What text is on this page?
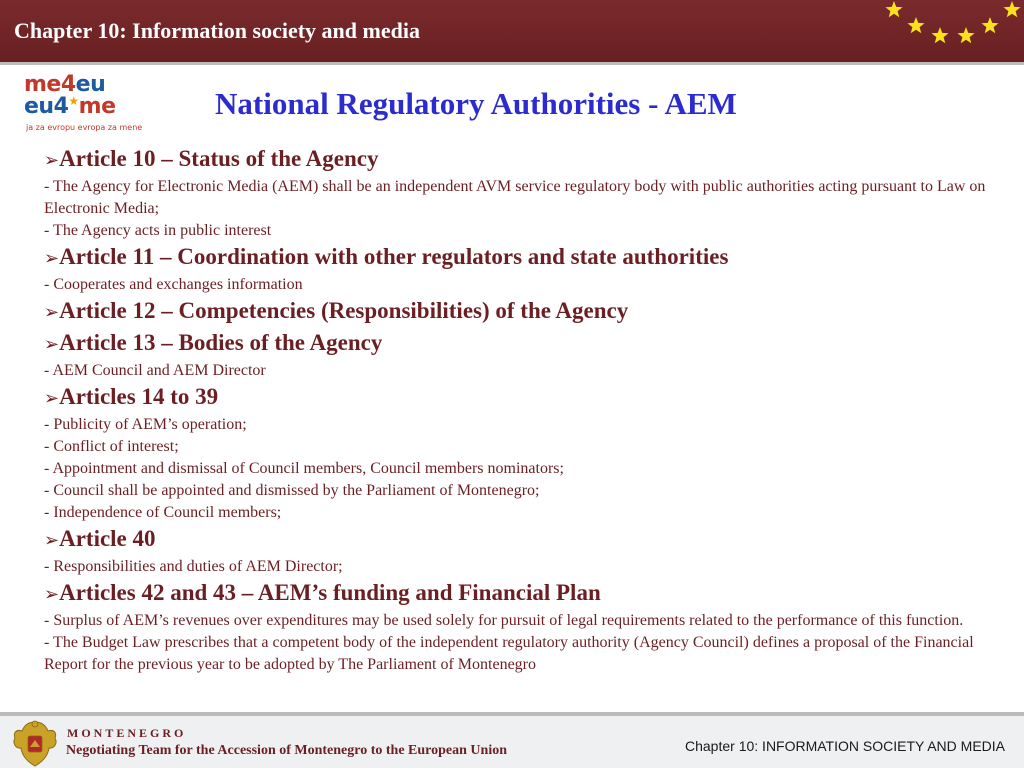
Chapter 10: Information society and media
me4eu
eu4★me
ja za evropu evropa za mene
National Regulatory Authorities - AEM
➢Article 10 – Status of the Agency
- The Agency for Electronic Media (AEM) shall be an independent AVM service regulatory body with public authorities acting pursuant to Law on Electronic Media;
- The Agency acts in public interest
➢Article 11 – Coordination with other regulators and state authorities
- Cooperates and exchanges information
➢Article 12 – Competencies (Responsibilities) of the Agency
➢Article 13 – Bodies of the Agency
- AEM Council and AEM Director
➢Articles 14 to 39
- Publicity of AEM’s operation;
- Conflict of interest;
- Appointment and dismissal of Council members, Council members nominators;
- Council shall be appointed and dismissed by the Parliament of Montenegro;
- Independence of Council members;
➢Article 40
- Responsibilities and duties of AEM Director;
➢Articles 42 and 43 – AEM’s funding and Financial Plan
- Surplus of AEM’s revenues over expenditures may be used solely for pursuit of legal requirements related to the performance of this function.
- The Budget Law prescribes that a competent body of the independent regulatory authority (Agency Council) defines a proposal of the Financial Report for the previous year to be adopted by The Parliament of Montenegro
MONTENEGRO
Negotiating Team for the Accession of Montenegro to the European Union	Chapter 10: INFORMATION SOCIETY AND MEDIA
